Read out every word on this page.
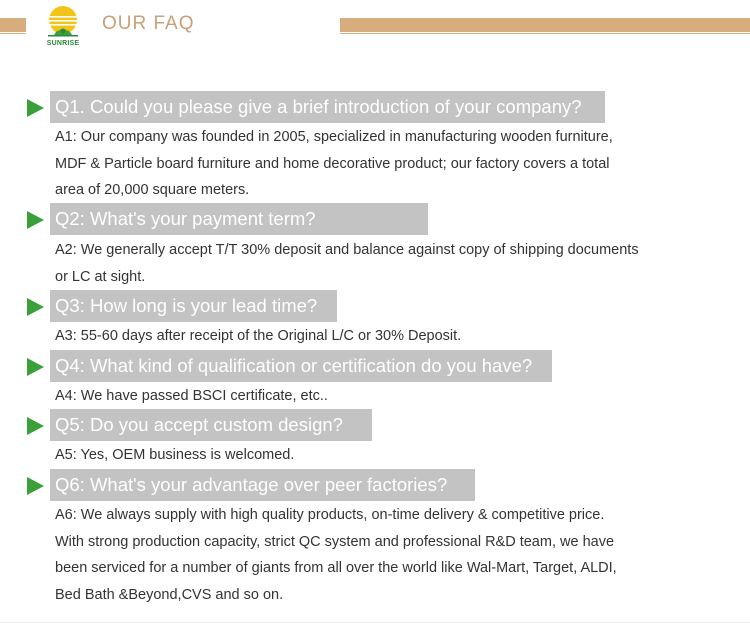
SUNRISE
OUR FAQ
Q1. Could you please give a brief introduction of your company?
A1: Our company was founded in 2005, specialized in manufacturing wooden furniture,
MDF & Particle board furniture and home decorative product; our factory covers a total
area of 20,000 square meters.
Q2: What's your payment term?
A2: We generally accept T/T 30% deposit and balance against copy of shipping documents
or LC at sight.
Q3: How long is your lead time?
A3: 55-60 days after receipt of the Original L/C or 30% Deposit.
Q4: What kind of qualification or certification do you have?
A4: We have passed BSCI certificate, etc..
Q5: Do you accept custom design?
A5: Yes, OEM business is welcomed.
Q6: What's your advantage over peer factories?
A6: We always supply with high quality products, on-time delivery & competitive price.
With strong production capacity, strict QC system and professional R&D team, we have
been serviced for a number of giants from all over the world like Wal-Mart, Target, ALDI,
Bed Bath &Beyond,CVS and so on.
